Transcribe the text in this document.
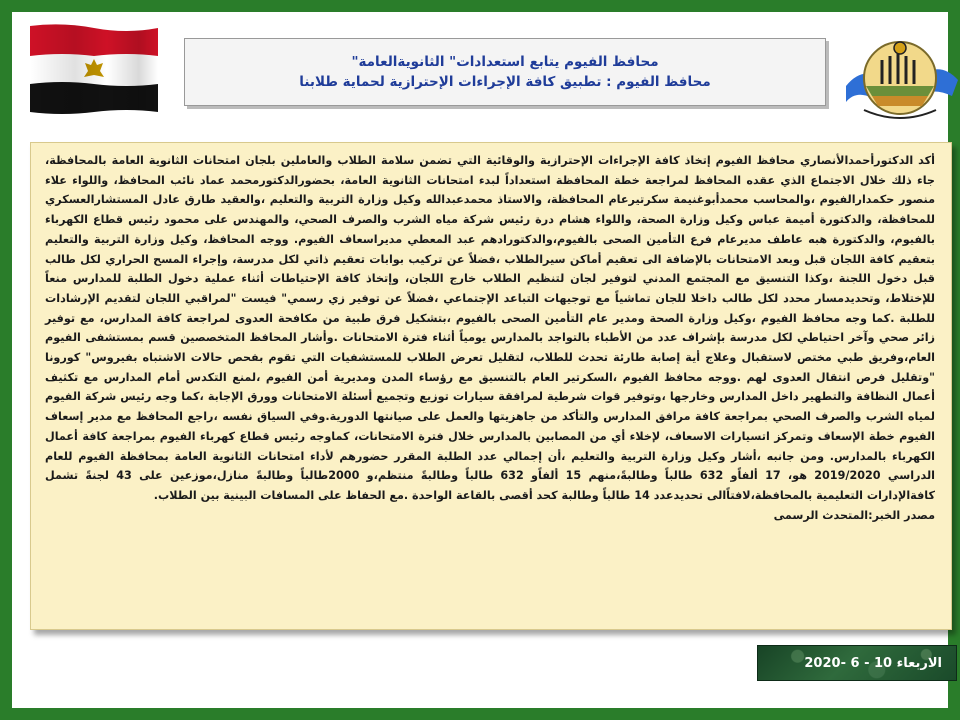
محافظ الفيوم يتابع استعدادات" الثانويةالعامة"
محافظ الفيوم : تطبيق كافة الإجراءات الإحترازية لحماية طلابنا

أكد الدكتورأحمدالأنصاري محافظ الفيوم إتخاذ كافة الإجراءات الإحترازية والوقائية التي تضمن سلامة الطلاب والعاملين بلجان امتحانات الثانوية العامة بالمحافظة، جاء ذلك خلال الاجتماع الذي عقده المحافظ لمراجعة خطة المحافظة استعداداً لبدء امتحانات الثانوية العامة، بحضورالدكتورمحمد عماد نائب المحافظ، واللواء علاء منصور حكمدارالفيوم ،والمحاسب محمدأبوغنيمة سكرتيرعام المحافظة، والاستاذ محمدعبدالله وكيل وزارة التربية والتعليم ،والعقيد طارق عادل المستشارالعسكري للمحافظة، والدكتورة أميمة عباس وكيل وزارة الصحة، واللواء هشام درة رئيس شركة مياه الشرب والصرف الصحي، والمهندس على محمود رئيس قطاع الكهرباء بالفيوم، والدكتورة هبه عاطف مديرعام فرع التأمين الصحى بالفيوم،والدكتورادهم عبد المعطي مديراسعاف الفيوم. ووجه المحافظ، وكيل وزارة التربية والتعليم بتعقيم كافة اللجان قبل وبعد الامتحانات بالإضافة الى تعقيم أماكن سيرالطلاب ،فضلاً عن تركيب بوابات تعقيم ذاتي لكل مدرسة، وإجراء المسح الحراري لكل طالب قبل دخول اللجنة ،وكذا التنسيق مع المجتمع المدني لتوفير لجان لتنظيم الطلاب خارج اللجان، وإتخاذ كافة الإحتياطات أثناء عملية دخول الطلبة للمدارس منعاً للإختلاط، وتحديدمسار محدد لكل طالب داخلا للجان تماشياً مع توجيهات التباعد الإجتماعي ،فضلاً عن توفير زي رسمي" فيست "لمراقبي اللجان لتقديم الإرشادات للطلبة .كما وجه محافظ الفيوم ،وكيل وزارة الصحة ومدير عام التأمين الصحى بالفيوم ،بتشكيل فرق طبية من مكافحة العدوى لمراجعة كافة المدارس، مع توفير زائر صحي وآخر احتياطي لكل مدرسة بإشراف عدد من الأطباء بالتواجد بالمدارس يومياً أثناء فترة الامتحانات .وأشار المحافظ المتخصصين قسم بمستشفى الفيوم العام،وفريق طبي مختص لاستقبال وعلاج أية إصابة طارئة تحدث للطلاب، لتقليل تعرض الطلاب للمستشفيات التي تقوم بفحص حالات الاشتباه بفيروس" كورونا "وتقليل فرص انتقال العدوى لهم .ووجه محافظ الفيوم ،السكرتير العام بالتنسيق مع رؤساء المدن ومديرية أمن الفيوم ،لمنع التكدس أمام المدارس مع تكثيف أعمال النظافة والتطهير داخل المدارس وخارجها ،وتوفير قوات شرطية لمرافقة سيارات توزيع وتجميع أسئلة الامتحانات وورق الإجابة ،كما وجه رئيس شركة الفيوم لمياه الشرب والصرف الصحي بمراجعة كافة مرافق المدارس والتأكد من جاهزيتها والعمل على صيانتها الدورية.وفي السياق نفسه ،راجع المحافظ مع مدير إسعاف الفيوم خطة الإسعاف وتمركز اتسيارات الاسعاف، لإخلاء أي من المصابين بالمدارس خلال فترة الامتحانات، كماوجه رئيس قطاع كهرباء الفيوم بمراجعة كافة أعمال الكهرباء بالمدارس. ومن جانبه ،أشار وكيل وزارة التربية والتعليم ،أن إجمالي عدد الطلبة المقرر حضورهم لأداء امتحانات الثانوية العامة بمحافظة الفيوم للعام الدراسي 2019/2020 هو، 17 ألفاًو 632 طالباً وطالبةً،منهم 15 ألفاًو 632 طالباً وطالبةً منتظم،و 2000طالباً وطالبةً منازل،موزعين على 43 لجنةً تشمل كافةالإدارات التعليمية بالمحافظة،لافتاًالى تحديدعدد 14 طالباً وطالبة كحد أقصى بالقاعة الواحدة .مع الحفاظ على المسافات البينية بين الطلاب.

مصدر الخبر:المتحدث الرسمى

الاربعاء 10 - 6 -2020
